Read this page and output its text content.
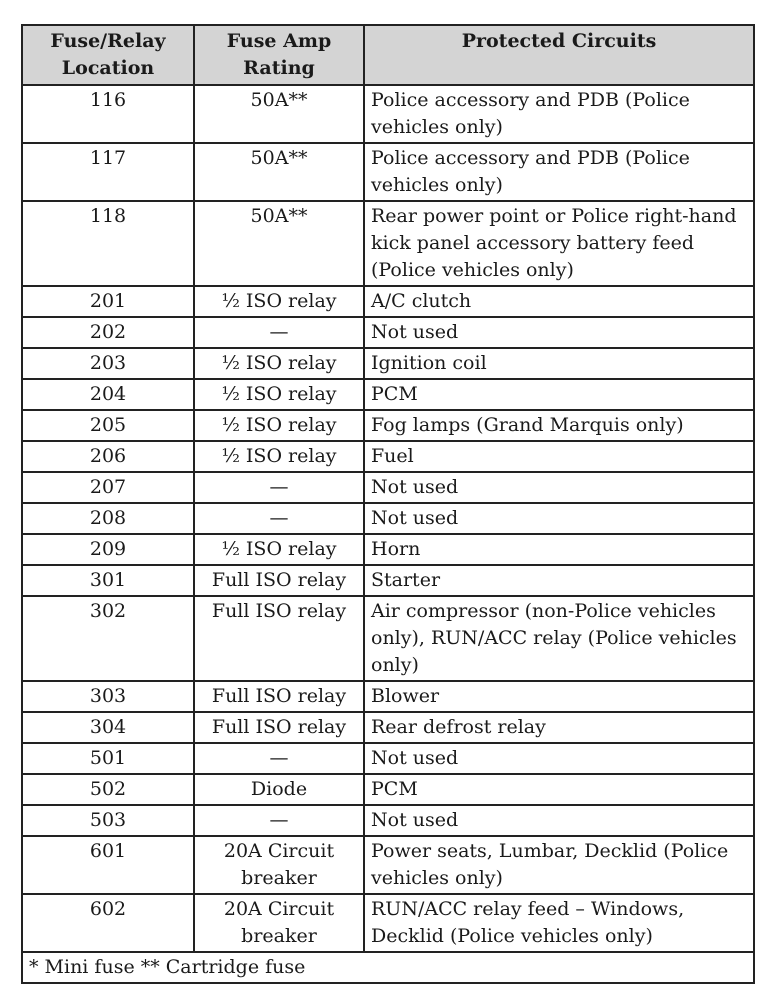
Fuse/Relay Location	Fuse Amp Rating	Protected Circuits
116	50A**	Police accessory and PDB (Police vehicles only)
117	50A**	Police accessory and PDB (Police vehicles only)
118	50A**	Rear power point or Police right-hand kick panel accessory battery feed (Police vehicles only)
201	½ ISO relay	A/C clutch
202	—	Not used
203	½ ISO relay	Ignition coil
204	½ ISO relay	PCM
205	½ ISO relay	Fog lamps (Grand Marquis only)
206	½ ISO relay	Fuel
207	—	Not used
208	—	Not used
209	½ ISO relay	Horn
301	Full ISO relay	Starter
302	Full ISO relay	Air compressor (non-Police vehicles only), RUN/ACC relay (Police vehicles only)
303	Full ISO relay	Blower
304	Full ISO relay	Rear defrost relay
501	—	Not used
502	Diode	PCM
503	—	Not used
601	20A Circuit breaker	Power seats, Lumbar, Decklid (Police vehicles only)
602	20A Circuit breaker	RUN/ACC relay feed – Windows, Decklid (Police vehicles only)
* Mini fuse ** Cartridge fuse		
